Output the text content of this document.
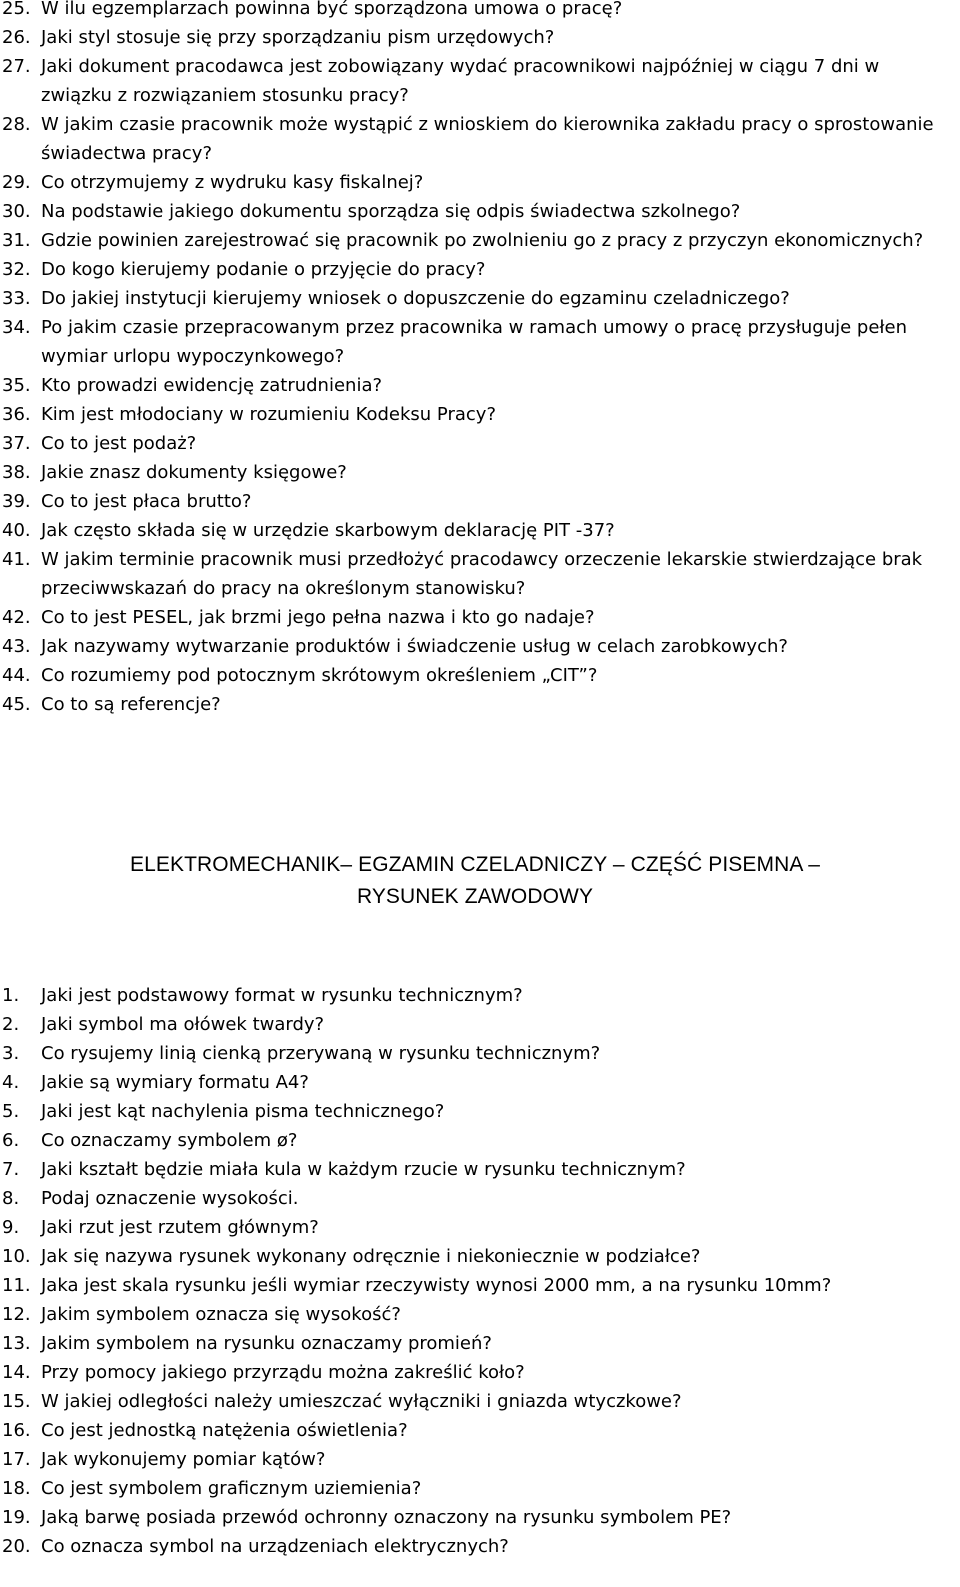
25. W ilu egzemplarzach powinna być sporządzona umowa o pracę?
26. Jaki styl stosuje się przy sporządzaniu pism urzędowych?
27. Jaki dokument pracodawca jest zobowiązany wydać pracownikowi najpóźniej w ciągu 7 dni w związku z rozwiązaniem stosunku pracy?
28. W jakim czasie pracownik może wystąpić z wnioskiem do kierownika zakładu pracy o sprostowanie świadectwa pracy?
29. Co otrzymujemy z wydruku kasy fiskalnej?
30. Na podstawie jakiego dokumentu sporządza się odpis świadectwa szkolnego?
31. Gdzie powinien zarejestrować się pracownik po zwolnieniu go z pracy z przyczyn ekonomicznych?
32. Do kogo kierujemy podanie o przyjęcie do pracy?
33. Do jakiej instytucji kierujemy wniosek o dopuszczenie do egzaminu czeladniczego?
34. Po jakim czasie przepracowanym przez pracownika w ramach umowy o pracę przysługuje pełen wymiar urlopu wypoczynkowego?
35. Kto prowadzi ewidencję zatrudnienia?
36. Kim jest młodociany w rozumieniu Kodeksu Pracy?
37. Co to jest podaż?
38. Jakie znasz dokumenty księgowe?
39. Co to jest płaca brutto?
40. Jak często składa się w urzędzie skarbowym deklarację PIT -37?
41. W jakim terminie pracownik musi przedłożyć pracodawcy orzeczenie lekarskie stwierdzające brak przeciwwskazań do pracy na określonym stanowisku?
42. Co to jest PESEL, jak brzmi jego pełna nazwa i kto go nadaje?
43. Jak nazywamy wytwarzanie produktów i świadczenie usług w celach zarobkowych?
44. Co rozumiemy pod potocznym skrótowym określeniem „CIT”?
45. Co to są referencje?
ELEKTROMECHANIK– EGZAMIN CZELADNICZY – CZĘŚĆ PISEMNA –
RYSUNEK ZAWODOWY
1. Jaki jest podstawowy format w rysunku technicznym?
2. Jaki symbol ma ołówek twardy?
3. Co rysujemy linią cienką przerywaną w rysunku technicznym?
4. Jakie są wymiary formatu A4?
5. Jaki jest kąt nachylenia pisma technicznego?
6. Co oznaczamy symbolem ø?
7. Jaki kształt będzie miała kula w każdym rzucie w rysunku technicznym?
8. Podaj oznaczenie wysokości.
9. Jaki rzut jest rzutem głównym?
10. Jak się nazywa rysunek wykonany odręcznie i niekoniecznie w podziałce?
11. Jaka jest skala rysunku jeśli wymiar rzeczywisty wynosi 2000 mm, a na rysunku 10mm?
12. Jakim symbolem oznacza się wysokość?
13. Jakim symbolem na rysunku oznaczamy promień?
14. Przy pomocy jakiego przyrządu można zakreślić koło?
15. W jakiej odległości należy umieszczać wyłączniki i gniazda wtyczkowe?
16. Co jest jednostką natężenia oświetlenia?
17. Jak wykonujemy pomiar kątów?
18. Co jest symbolem graficznym uziemienia?
19. Jaką barwę posiada przewód ochronny oznaczony na rysunku symbolem PE?
20. Co oznacza symbol na urządzeniach elektrycznych?
